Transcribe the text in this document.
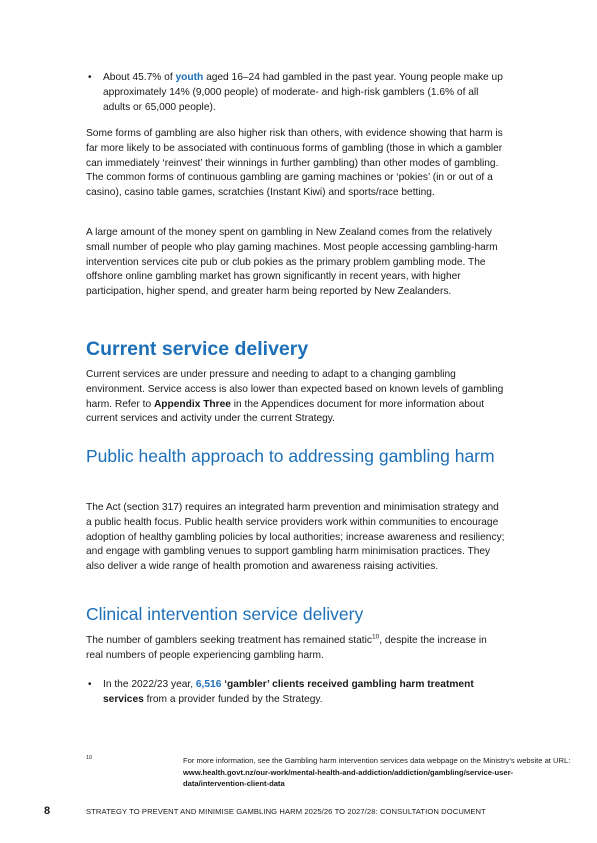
• About 45.7% of youth aged 16–24 had gambled in the past year. Young people make up approximately 14% (9,000 people) of moderate- and high-risk gamblers (1.6% of all adults or 65,000 people).

Some forms of gambling are also higher risk than others, with evidence showing that harm is far more likely to be associated with continuous forms of gambling (those in which a gambler can immediately ‘reinvest’ their winnings in further gambling) than other modes of gambling. The common forms of continuous gambling are gaming machines or ‘pokies’ (in or out of a casino), casino table games, scratchies (Instant Kiwi) and sports/race betting.

A large amount of the money spent on gambling in New Zealand comes from the relatively small number of people who play gaming machines. Most people accessing gambling-harm intervention services cite pub or club pokies as the primary problem gambling mode. The offshore online gambling market has grown significantly in recent years, with higher participation, higher spend, and greater harm being reported by New Zealanders.

Current service delivery

Current services are under pressure and needing to adapt to a changing gambling environment. Service access is also lower than expected based on known levels of gambling harm. Refer to Appendix Three in the Appendices document for more information about current services and activity under the current Strategy.

Public health approach to addressing gambling harm

The Act (section 317) requires an integrated harm prevention and minimisation strategy and a public health focus. Public health service providers work within communities to encourage adoption of healthy gambling policies by local authorities; increase awareness and resiliency; and engage with gambling venues to support gambling harm minimisation practices. They also deliver a wide range of health promotion and awareness raising activities.

Clinical intervention service delivery

The number of gamblers seeking treatment has remained static$^{10}$, despite the increase in real numbers of people experiencing gambling harm.

• In the 2022/23 year, 6,516 ‘gambler’ clients received gambling harm treatment services from a provider funded by the Strategy.

10	For more information, see the Gambling harm intervention services data webpage on the Ministry’s website at URL: www.health.govt.nz/our-work/mental-health-and-addiction/addiction/gambling/service-user-data/intervention-client-data
8	STRATEGY TO PREVENT AND MINIMISE GAMBLING HARM 2025/26 TO 2027/28: CONSULTATION DOCUMENT
